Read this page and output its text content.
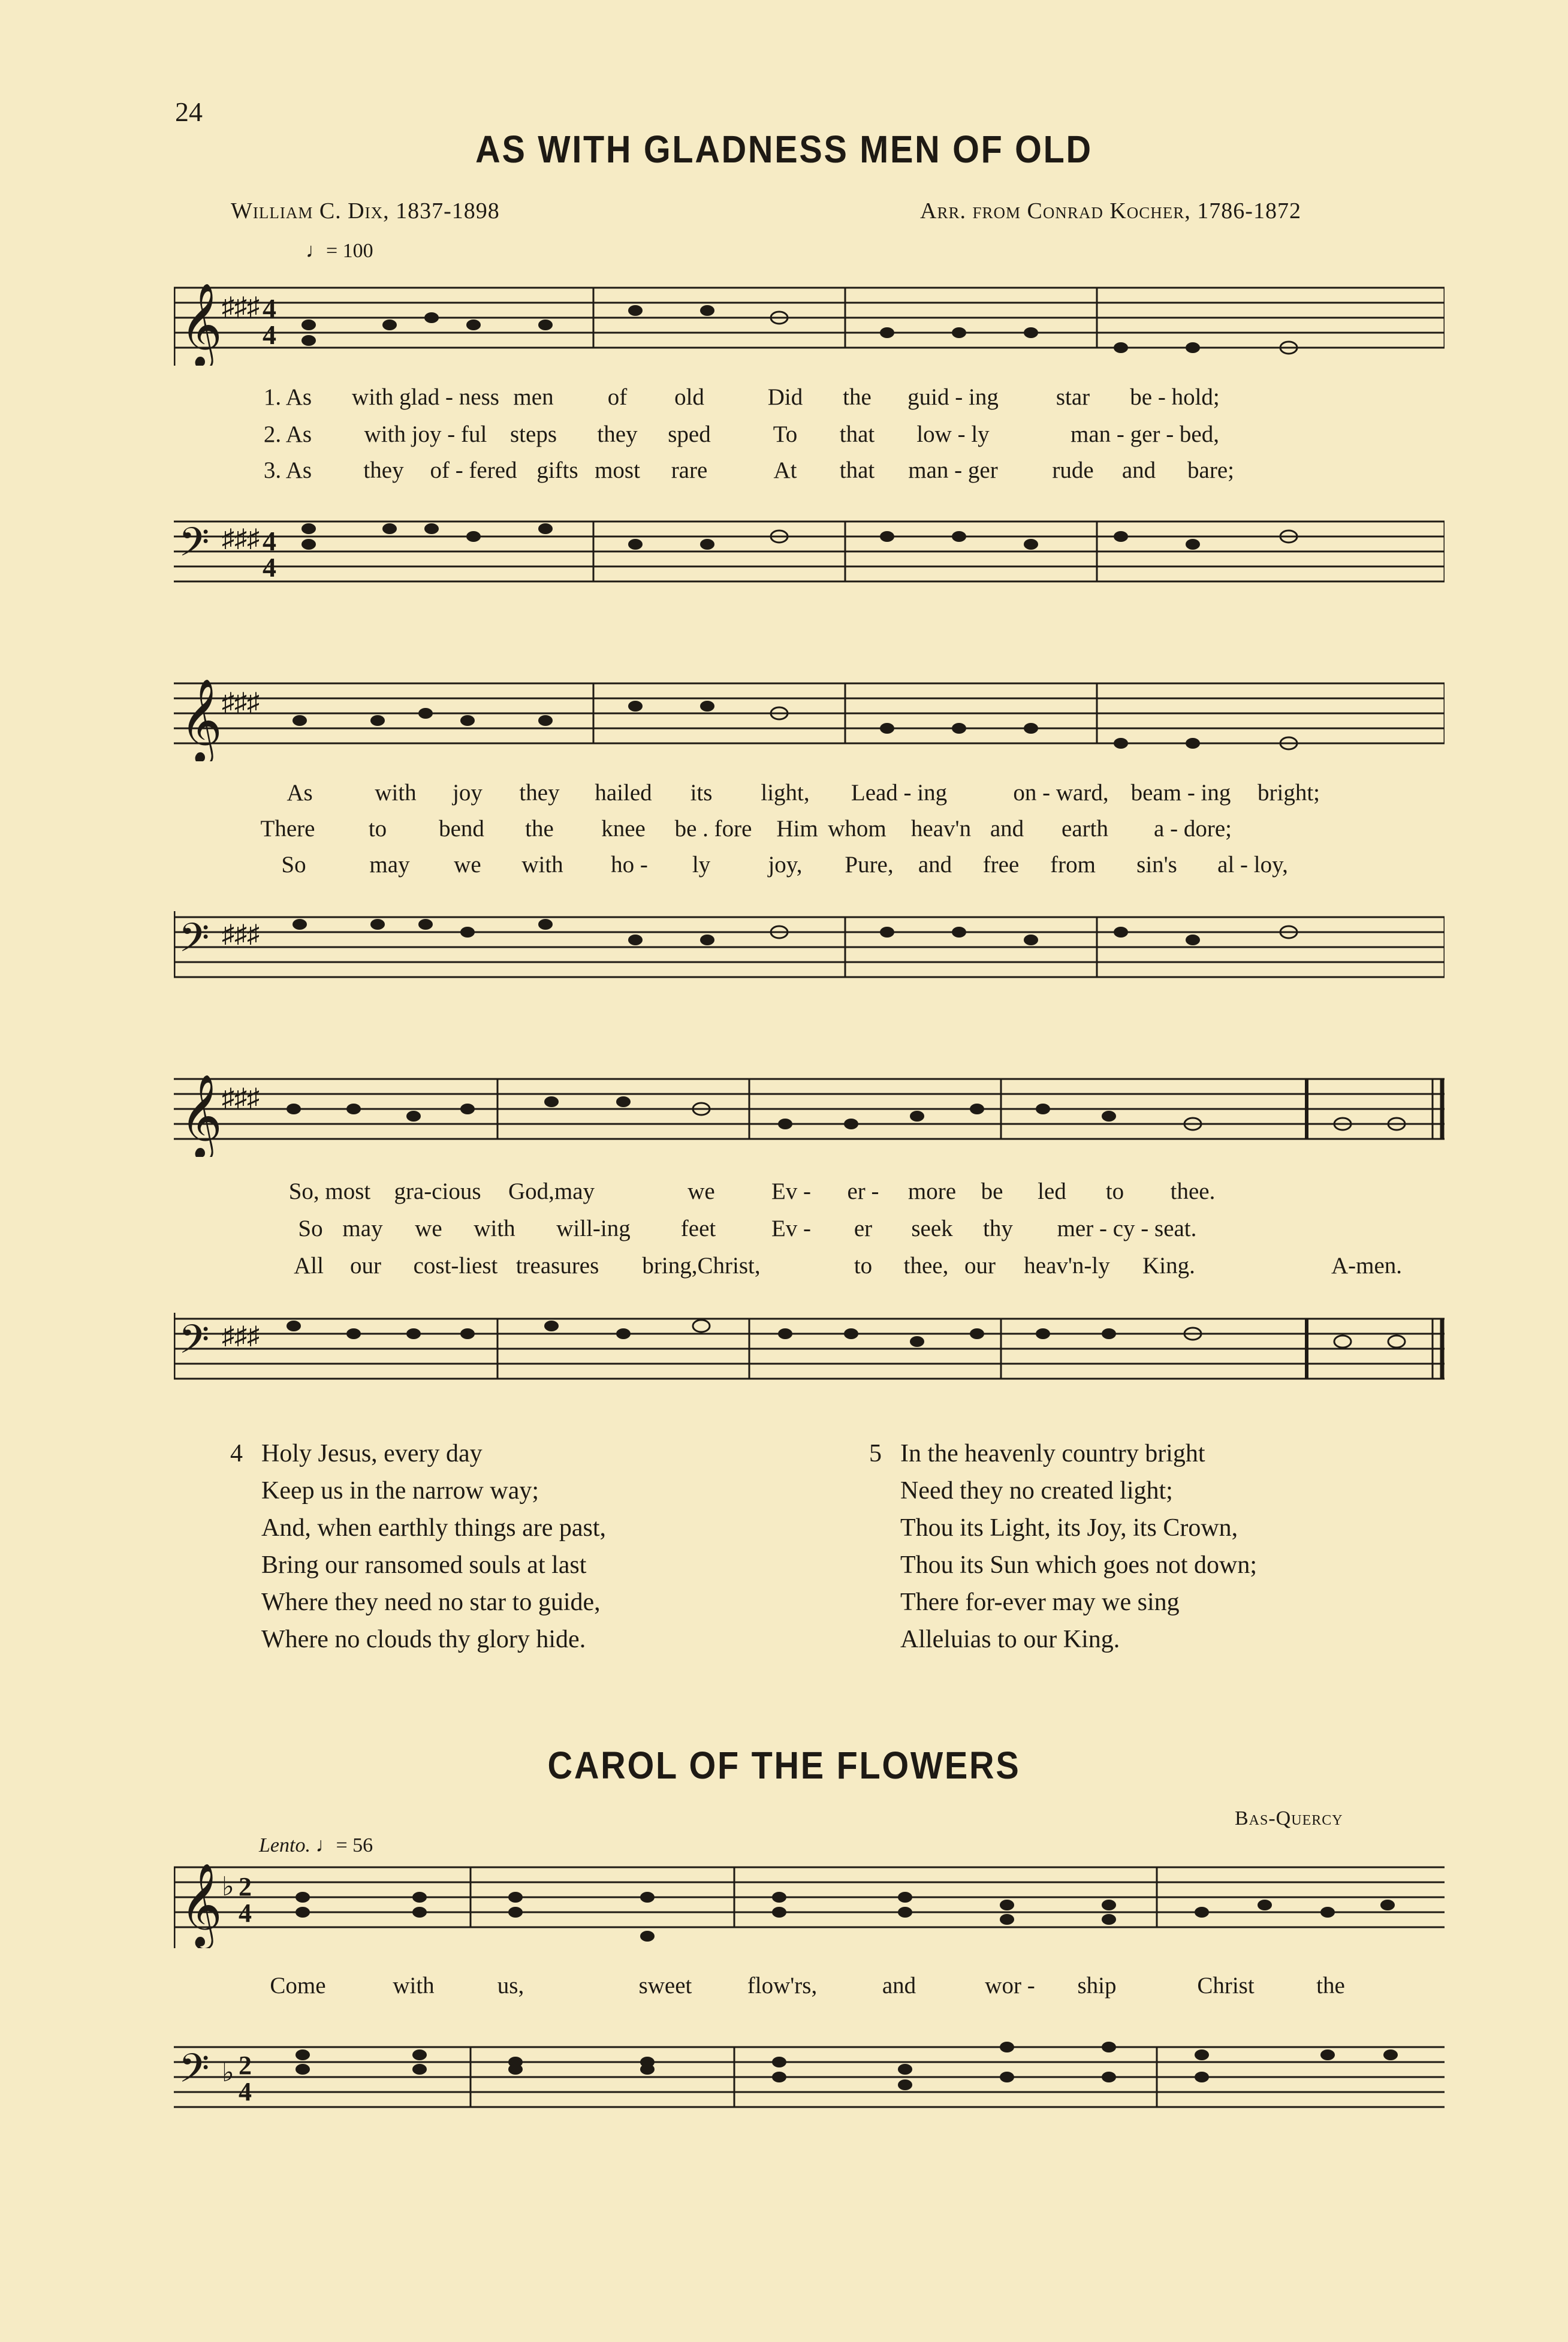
24
AS WITH GLADNESS MEN OF OLD
William C. Dix, 1837-1898	Arr. from Conrad Kocher, 1786-1872
♩= 100
𝄞 ♯♯♯ 4
4
1. As with glad - ness men of old	Did the guid - ing star be - hold;
2. As with joy - ful steps they sped	To that low - ly	man - ger - bed,
3. As they of - fered gifts most rare	At that man - ger rude and bare;
𝄢 ♯♯♯ 4
4
𝄞 ♯♯♯
As	with joy they hailed its light, Lead - ing	on - ward, beam - ing bright;
There to bend the knee be . fore Him whom heav'n and earth a - dore;
So	may we with ho - ly joy, Pure, and free from sin's al - loy,
𝄢 ♯♯♯
𝄞 ♯♯♯
So, most gra-cious God,may	we Ev - er - more be led to thee.
So may we with will-ing feet Ev - er seek thy mer - cy - seat.
All our cost-liest treasures bring,Christ,	to thee, our heav'n-ly King.	A-men.
𝄢 ♯♯♯
4 Holy Jesus, every day
Keep us in the narrow way;
And, when earthly things are past,
Bring our ransomed souls at last
Where they need no star to guide,
Where no clouds thy glory hide.
5 In the heavenly country bright
Need they no created light;
Thou its Light, its Joy, its Crown,
Thou its Sun which goes not down;
There for-ever may we sing
Alleluias to our King.
CAROL OF THE FLOWERS
Bas-Quercy
Lento. ♩= 56
𝄞 ♭ 2
4
Come	with	us,	sweet flow'rs,	and	wor - ship	Christ	the
𝄢 ♭ 2
4
